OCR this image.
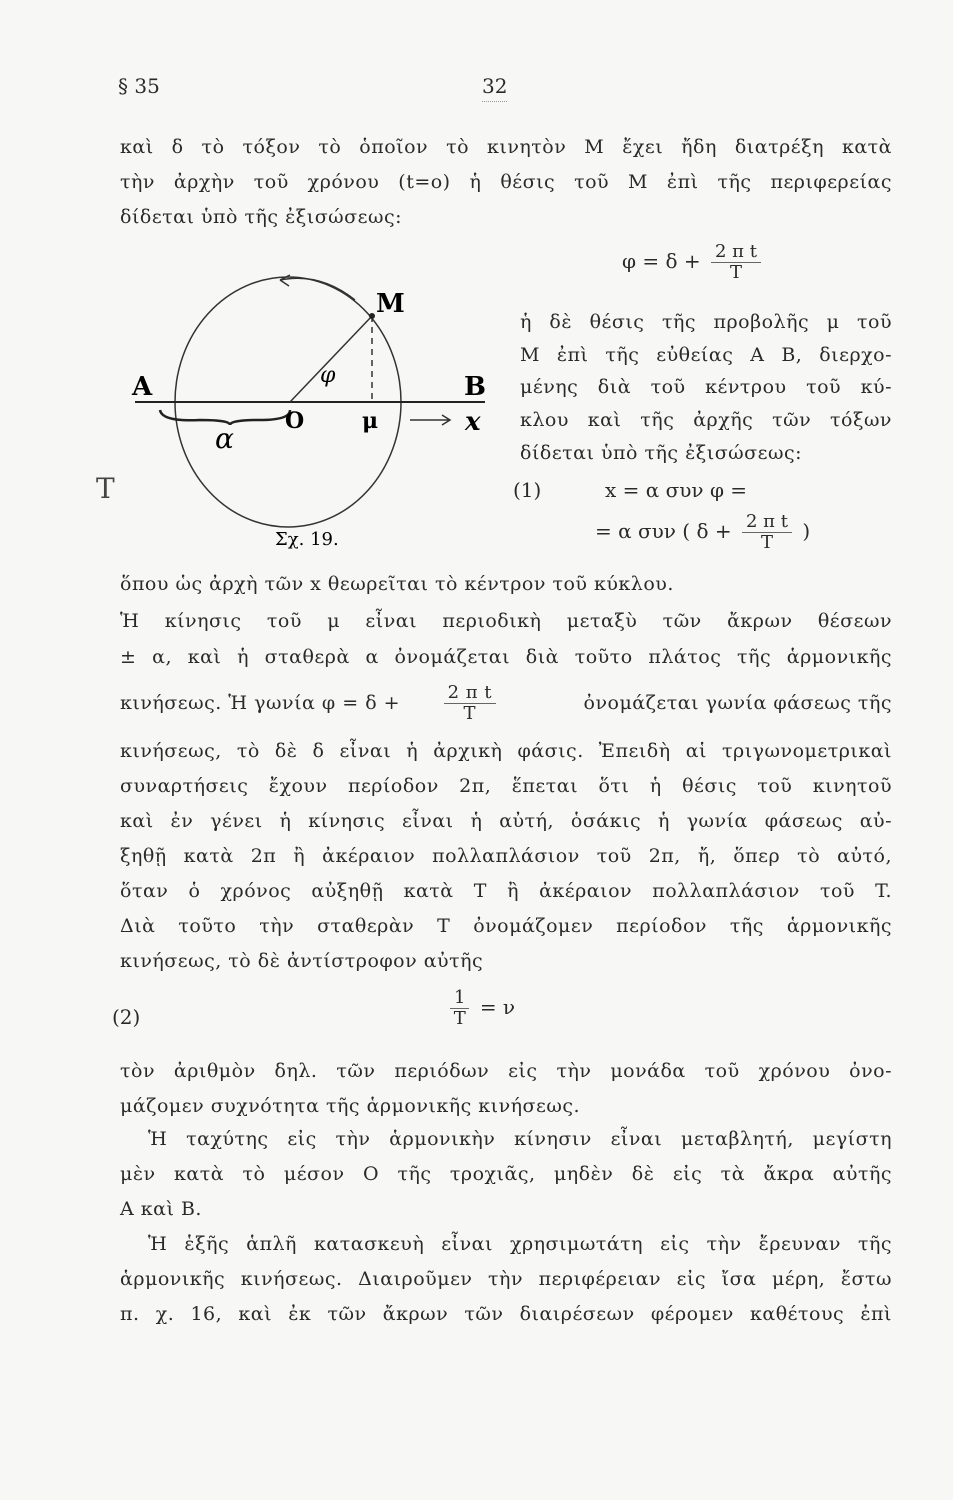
§ 35	32
καὶ δ τὸ τόξον τὸ ὁποῖον τὸ κινητὸν Μ ἔχει ἤδη διατρέξη κατὰ
τὴν ἀρχὴν τοῦ χρόνου (t=o) ἡ θέσις τοῦ Μ ἐπὶ τῆς περιφερείας
δίδεται ὑπὸ τῆς ἐξισώσεως:
$\varphi = \delta + \frac{\text{2 π t}}{T}$
ἡ δὲ θέσις τῆς προβολῆς μ τοῦ
Μ ἐπὶ τῆς εὐθείας Α Β, διερχο-
μένης διὰ τοῦ κέντρου τοῦ κύ-
κλου καὶ τῆς ἀρχῆς τῶν τόξων
δίδεται ὑπὸ τῆς ἐξισώσεως:
(1)	x = α συν φ =
= α συν ( $\delta + \frac{\text{2 π t}}{T}$ )
A	B
O	μ	x
M
α
φ
Σχ. 19.
T
ὅπου ὡς ἀρχὴ τῶν x θεωρεῖται τὸ κέντρον τοῦ κύκλου.
Ἡ κίνησις τοῦ μ εἶναι περιοδικὴ μεταξὺ τῶν ἄκρων θέσεων
± α, καὶ ἡ σταθερὰ α ὀνομάζεται διὰ τοῦτο πλάτος τῆς ἁρμονικῆς
κινήσεως. Ἡ γωνία $\varphi = \delta + \frac{\text{2 π t}}{T}$	ὀνομάζεται γωνία φάσεως τῆς
κινήσεως, τὸ δὲ δ εἶναι ἡ ἀρχικὴ φάσις. Ἐπειδὴ αἱ τριγωνομετρικαὶ
συναρτήσεις ἔχουν περίοδον 2π, ἕπεται ὅτι ἡ θέσις τοῦ κινητοῦ
καὶ ἐν γένει ἡ κίνησις εἶναι ἡ αὐτή, ὁσάκις ἡ γωνία φάσεως αὐ-
ξηθῇ κατὰ 2π ἢ ἀκέραιον πολλαπλάσιον τοῦ 2π, ἤ, ὅπερ τὸ αὐτό,
ὅταν ὁ χρόνος αὐξηθῇ κατὰ T ἢ ἀκέραιον πολλαπλάσιον τοῦ T.
Διὰ τοῦτο τὴν σταθερὰν T ὀνομάζομεν περίοδον τῆς ἁρμονικῆς
κινήσεως, τὸ δὲ ἀντίστροφον αὐτῆς
(2)	$\frac{1}{T} = \nu$
τὸν ἀριθμὸν δηλ. τῶν περιόδων εἰς τὴν μονάδα τοῦ χρόνου ὀνο-
μάζομεν συχνότητα τῆς ἁρμονικῆς κινήσεως.
Ἡ ταχύτης εἰς τὴν ἁρμονικὴν κίνησιν εἶναι μεταβλητή, μεγίστη
μὲν κατὰ τὸ μέσον Ο τῆς τροχιᾶς, μηδὲν δὲ εἰς τὰ ἄκρα αὐτῆς
Α καὶ Β.
Ἡ ἑξῆς ἁπλῆ κατασκευὴ εἶναι χρησιμωτάτη εἰς τὴν ἔρευναν τῆς
ἁρμονικῆς κινήσεως. Διαιροῦμεν τὴν περιφέρειαν εἰς ἴσα μέρη, ἔστω
π. χ. 16, καὶ ἐκ τῶν ἄκρων τῶν διαιρέσεων φέρομεν καθέτους ἐπὶ
